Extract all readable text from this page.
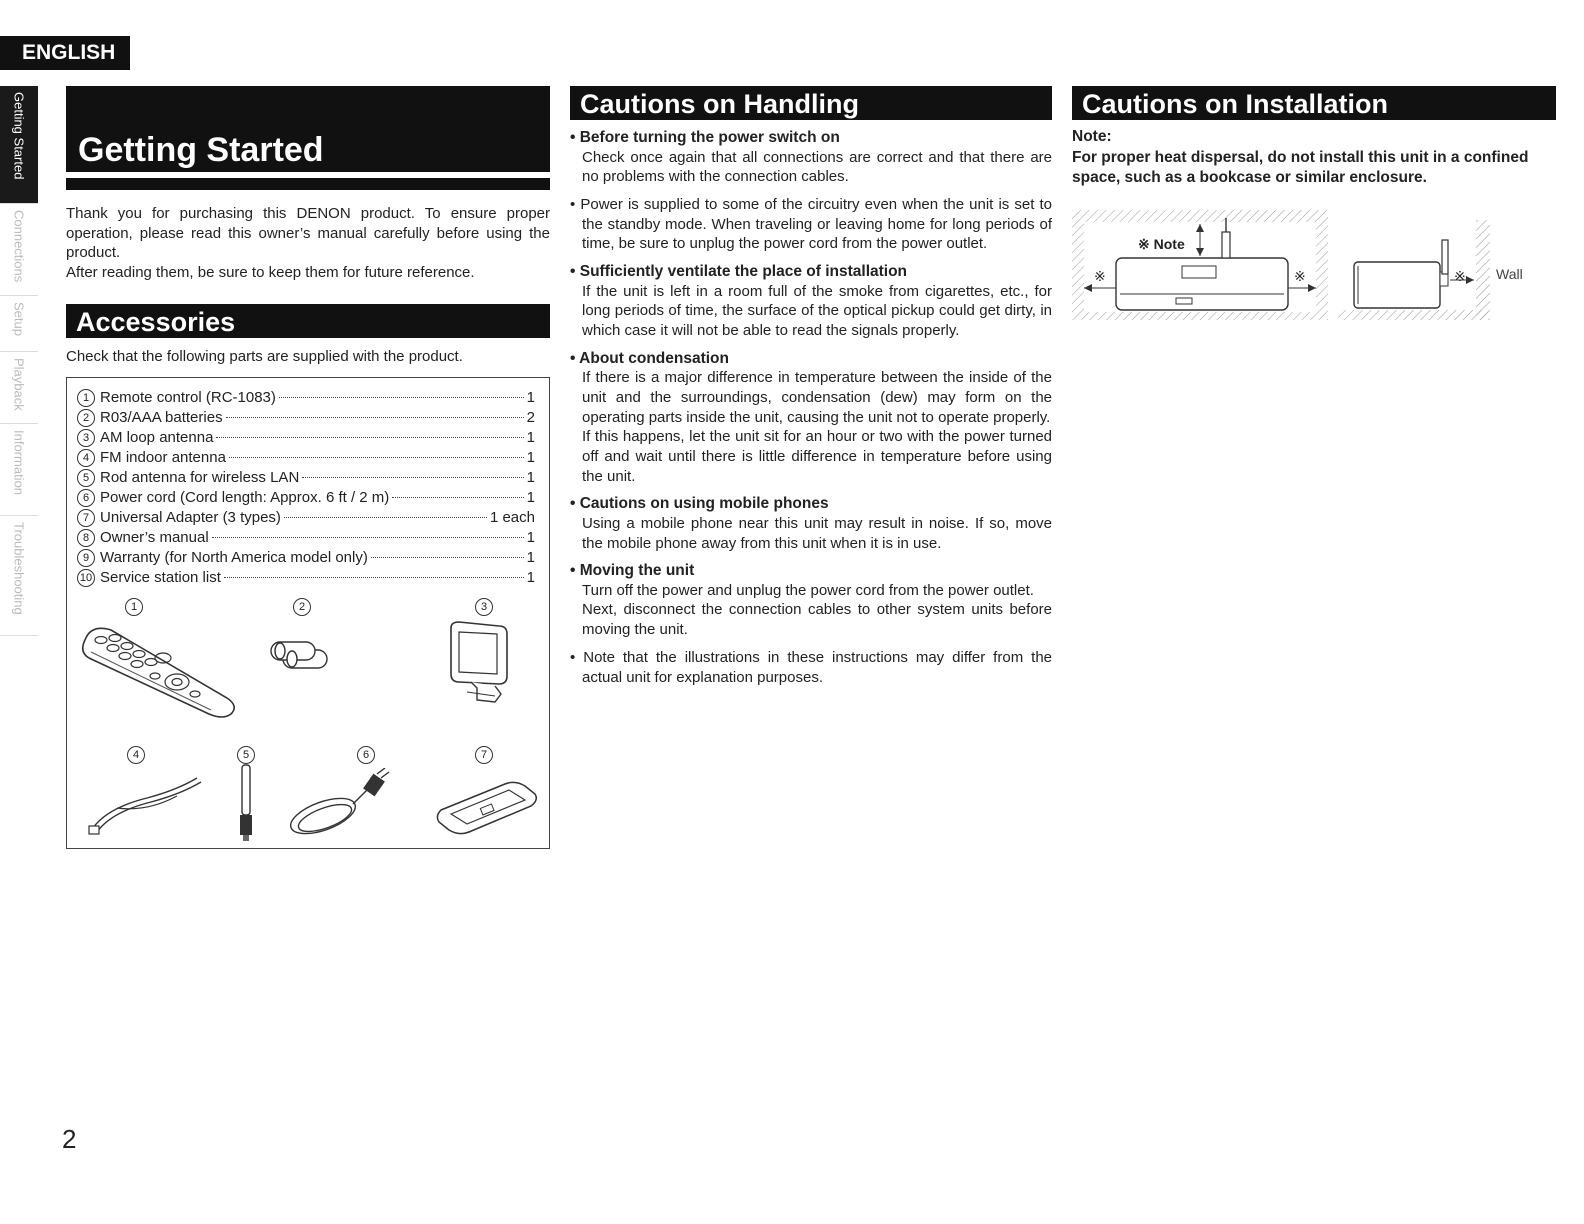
ENGLISH
Getting Started
Connections
Setup
Playback
Information
Troubleshooting
Getting Started
Thank you for purchasing this DENON product. To ensure proper operation, please read this owner’s manual carefully before using the product.
After reading them, be sure to keep them for future reference.
Accessories
Check that the following parts are supplied with the product.
1 Remote control (RC-1083)	1
2 R03/AAA batteries	2
3 AM loop antenna	1
4 FM indoor antenna	1
5 Rod antenna for wireless LAN	1
6 Power cord (Cord length: Approx. 6 ft / 2 m)	1
7 Universal Adapter (3 types)	1 each
8 Owner’s manual	1
9 Warranty (for North America model only)	1
10 Service station list	1
1	2	3
4	5	6	7
Cautions on Handling
• Before turning the power switch on
Check once again that all connections are correct and that there are no problems with the connection cables.
• Power is supplied to some of the circuitry even when the unit is set to the standby mode. When traveling or leaving home for long periods of time, be sure to unplug the power cord from the power outlet.
• Sufficiently ventilate the place of installation
If the unit is left in a room full of the smoke from cigarettes, etc., for long periods of time, the surface of the optical pickup could get dirty, in which case it will not be able to read the signals properly.
• About condensation
If there is a major difference in temperature between the inside of the unit and the surroundings, condensation (dew) may form on the operating parts inside the unit, causing the unit not to operate properly.
If this happens, let the unit sit for an hour or two with the power turned off and wait until there is little difference in temperature before using the unit.
• Cautions on using mobile phones
Using a mobile phone near this unit may result in noise. If so, move the mobile phone away from this unit when it is in use.
• Moving the unit
Turn off the power and unplug the power cord from the power outlet.
Next, disconnect the connection cables to other system units before moving the unit.
• Note that the illustrations in these instructions may differ from the actual unit for explanation purposes.
Cautions on Installation
Note:
For proper heat dispersal, do not install this unit in a confined space, such as a bookcase or similar enclosure.
※ Note
※	※	※ Wall
2
